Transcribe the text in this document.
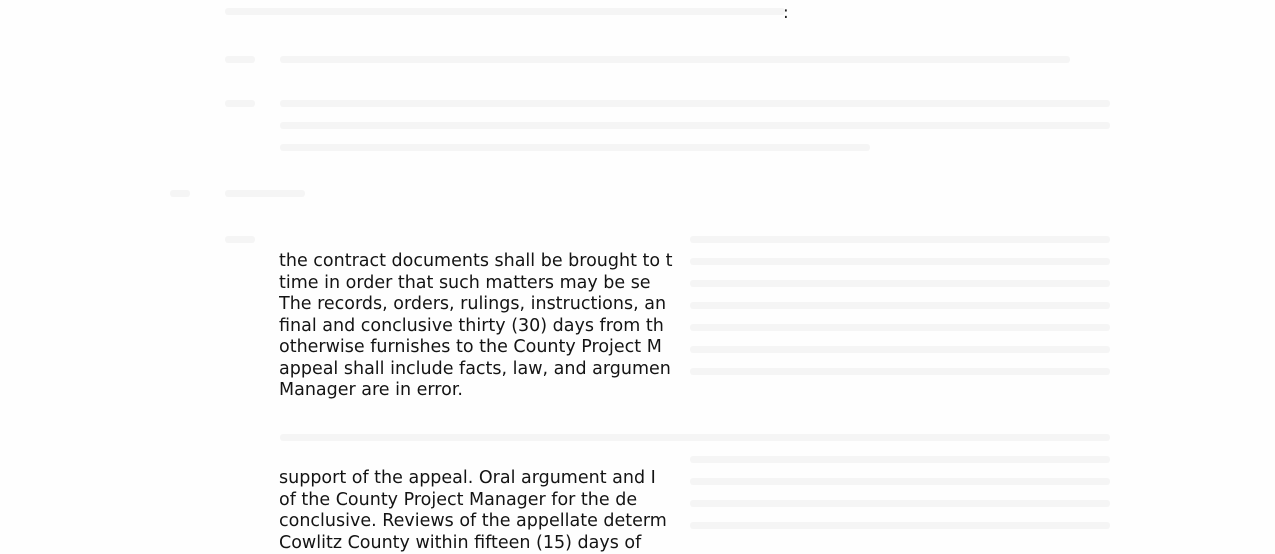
:
the contract documents shall be brought to t
time in order that such matters may be se
The records, orders, rulings, instructions, an
final and conclusive thirty (30) days from th
otherwise furnishes to the County Project M
appeal shall include facts, law, and argumen
Manager are in error.
support of the appeal. Oral argument and I
of the County Project Manager for the de
conclusive. Reviews of the appellate determ
Cowlitz County within fifteen (15) days of
